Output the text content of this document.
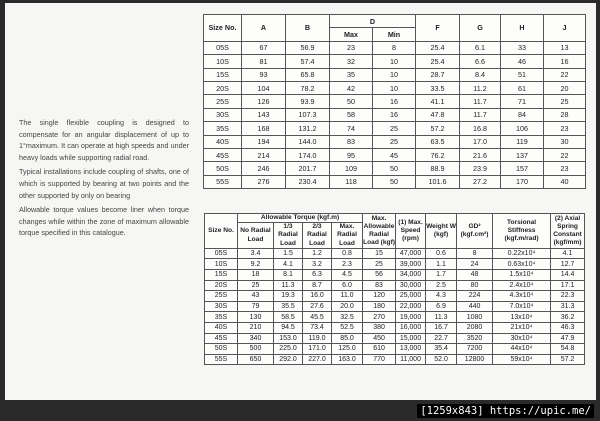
The single flexible coupling is designed to compensate for an angular displacement of up to 1°maximum. It can operate at high speeds and under heavy loads while supporting radial road.

Typical installations include coupling of shafts, one of which is supported by bearing at two points and the other supported by only on bearing

Allowable torque values become liner when torque changes while within the zone of maximum allowable torque specified in this catalogue.

Size No.	A	B	D		F	G	H	J
			Max	Min				
05S	67	56.9	23	8	25.4	6.1	33	13
10S	81	57.4	32	10	25.4	6.6	46	16
15S	93	65.8	35	10	28.7	8.4	51	22
20S	104	78.2	42	10	33.5	11.2	61	20
25S	126	93.9	50	16	41.1	11.7	71	25
30S	143	107.3	58	16	47.8	11.7	84	28
35S	168	131.2	74	25	57.2	16.8	106	23
40S	194	144.0	83	25	63.5	17.0	119	30
45S	214	174.0	95	45	76.2	21.6	137	22
50S	246	201.7	109	50	88.9	23.9	157	23
55S	276	230.4	118	50	101.6	27.2	170	40
Size No.	Allowable Torque (kgf.m)				Max. Allowable Radial Load (kgf)	(1) Max. Speed (rpm)	Weight W (kgf)	GD² (kgf.cm²)	Torsional Stiffness (kgf.m/rad)	(2) Axial Spring Constant (kgf/mm)
	No Radial Load	1/3 Radial Load	2/3 Radial Load	Max. Radial Load						
05S	3.4	1.5	1.2	0.8	15	47,000	0.6	8	0.22x10⁴	4.1
10S	9.2	4.1	3.2	2.3	25	39,000	1.1	24	0.63x10⁴	12.7
15S	18	8.1	6.3	4.5	56	34,000	1.7	48	1.5x10⁴	14.4
20S	25	11.3	8.7	6.0	83	30,000	2.5	80	2.4x10⁴	17.1
25S	43	19.3	16.0	11.0	120	25,000	4.3	224	4.3x10⁴	22.3
30S	79	35.5	27.6	20.0	180	22,000	6.9	440	7.0x10⁴	31.3
35S	130	58.5	45.5	32.5	270	19,000	11.3	1080	13x10⁴	36.2
40S	210	94.5	73.4	52.5	380	16,000	16.7	2080	21x10⁴	46.3
45S	340	153.0	119.0	85.0	450	15,000	22.7	3520	30x10⁴	47.9
50S	500	225.0	171.0	125.0	610	13,000	35.4	7200	44x10⁴	54.8
55S	650	292.0	227.0	163.0	770	11,000	52.0	12800	59x10⁴	57.2
[1259x843] https://upic.me/
